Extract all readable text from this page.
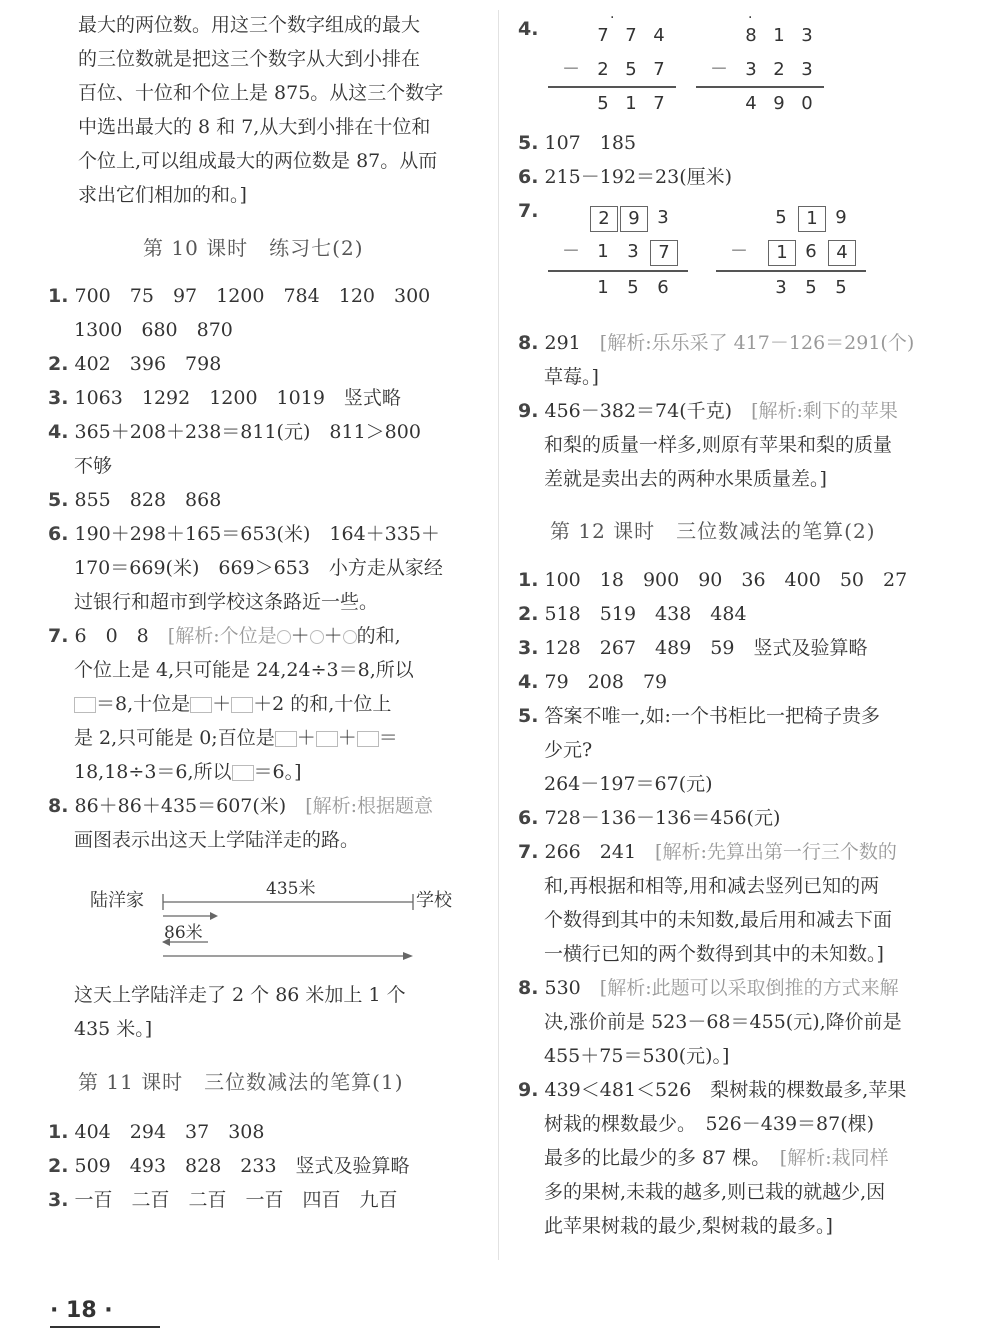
最大的两位数。用这三个数字组成的最大
的三位数就是把这三个数字从大到小排在
百位、十位和个位上是 875。从这三个数字
中选出最大的 8 和 7,从大到小排在十位和
个位上,可以组成最大的两位数是 87。从而
求出它们相加的和。]
第 10 课时　练习七(2)
1. 700　75　97　1200　784　120　300
1300　680　870
2. 402　396　798
3. 1063　1292　1200　1019　竖式略
4. 365＋208＋238＝811(元)　811＞800
不够
5. 855　828　868
6. 190＋298＋165＝653(米)　164＋335＋
170＝669(米)　669＞653　小方走从家经
过银行和超市到学校这条路近一些。
7. 6　0　8　 [解析:个位是 ＋ ＋ 的和,
个位上是 4,只可能是 24,24÷3＝8,所以
＝8,十位是 ＋ ＋2 的和,十位上
是 2,只可能是 0;百位是 ＋ ＋ ＝
18,18÷3＝6,所以 ＝6。]
8. 86＋86＋435＝607(米)　 [解析:根据题意
画图表示出这天上学陆洋走的路。
这天上学陆洋走了 2 个 86 米加上 1 个
435 米。]
第 11 课时　三位数减法的笔算(1)
1. 404　294　37　308
2. 509　493　828　233　竖式及验算略
3. 一百　二百　二百　一百　四百　九百
陆洋家	学校
435米
86米
4.	·
7 7 4
－ 2 5 7
5 1 7
·
8 1 3
－ 3 2 3
4 9 0
5. 107　185
6. 215－192＝23(厘米)
7.	2	9 3
－ 1	3	7
1	5	6
5	1 9
－	1 6	4
3	5	5
8. 291　 [解析:乐乐采了 417－126＝291(个)
草莓。]
9. 456－382＝74(千克)　 [解析:剩下的苹果
和梨的质量一样多,则原有苹果和梨的质量
差就是卖出去的两种水果质量差。]
第 12 课时　三位数减法的笔算(2)
1. 100　18　900　90　36　400　50　27
2. 518　519　438　484
3. 128　267　489　59　竖式及验算略
4. 79　208　79
5. 答案不唯一,如:一个书柜比一把椅子贵多
少元?
264－197＝67(元)
6. 728－136－136＝456(元)
7. 266　241　 [解析:先算出第一行三个数的
和,再根据和相等,用和减去竖列已知的两
个数得到其中的未知数,最后用和减去下面
一横行已知的两个数得到其中的未知数。]
8. 530　 [解析:此题可以采取倒推的方式来解
决,涨价前是 523－68＝455(元),降价前是
455＋75＝530(元)。]
9. 439＜481＜526　梨树栽的棵数最多,苹果
树栽的棵数最少。　526－439＝87(棵)
最多的比最少的多 87 棵。　 [解析:栽同样
多的果树,未栽的越多,则已栽的就越少,因
此苹果树栽的最少,梨树栽的最多。]
· 18 ·
